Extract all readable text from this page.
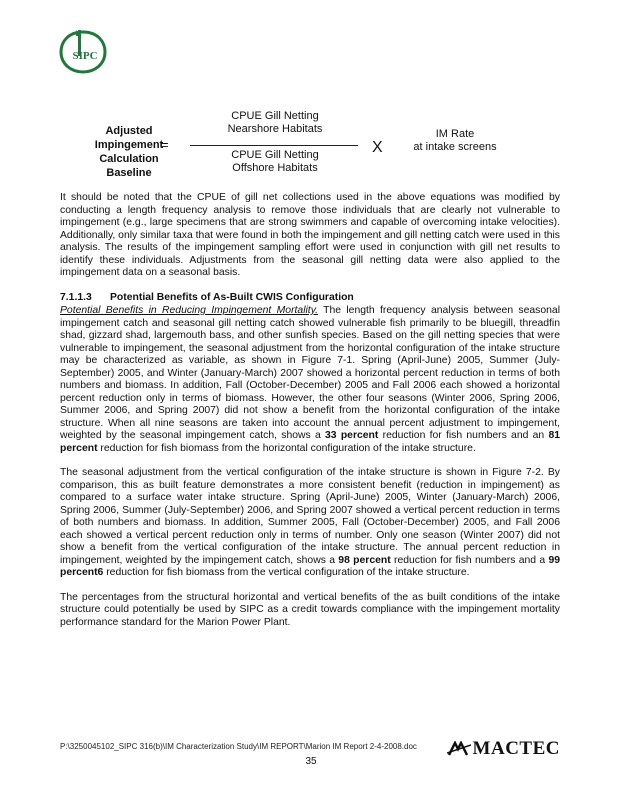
SIPC
Adjusted
Impingement
Calculation
Baseline
=
CPUE Gill Netting
Nearshore Habitats
CPUE Gill Netting
Offshore Habitats
X
IM Rate
at intake screens

It should be noted that the CPUE of gill net collections used in the above equations was modified by conducting a length frequency analysis to remove those individuals that are clearly not vulnerable to impingement (e.g., large specimens that are strong swimmers and capable of overcoming intake velocities). Additionally, only similar taxa that were found in both the impingement and gill netting catch were used in this analysis. The results of the impingement sampling effort were used in conjunction with gill net results to identify these individuals. Adjustments from the seasonal gill netting data were also applied to the impingement data on a seasonal basis.

7.1.1.3 Potential Benefits of As-Built CWIS Configuration

Potential Benefits in Reducing Impingement Mortality. The length frequency analysis between seasonal impingement catch and seasonal gill netting catch showed vulnerable fish primarily to be bluegill, threadfin shad, gizzard shad, largemouth bass, and other sunfish species. Based on the gill netting species that were vulnerable to impingement, the seasonal adjustment from the horizontal configuration of the intake structure may be characterized as variable, as shown in Figure 7-1. Spring (April-June) 2005, Summer (July-September) 2005, and Winter (January-March) 2007 showed a horizontal percent reduction in terms of both numbers and biomass. In addition, Fall (October-December) 2005 and Fall 2006 each showed a horizontal percent reduction only in terms of biomass. However, the other four seasons (Winter 2006, Spring 2006, Summer 2006, and Spring 2007) did not show a benefit from the horizontal configuration of the intake structure. When all nine seasons are taken into account the annual percent adjustment to impingement, weighted by the seasonal impingement catch, shows a 33 percent reduction for fish numbers and an 81 percent reduction for fish biomass from the horizontal configuration of the intake structure.

The seasonal adjustment from the vertical configuration of the intake structure is shown in Figure 7-2. By comparison, this as built feature demonstrates a more consistent benefit (reduction in impingement) as compared to a surface water intake structure. Spring (April-June) 2005, Winter (January-March) 2006, Spring 2006, Summer (July-September) 2006, and Spring 2007 showed a vertical percent reduction in terms of both numbers and biomass. In addition, Summer 2005, Fall (October-December) 2005, and Fall 2006 each showed a vertical percent reduction only in terms of number. Only one season (Winter 2007) did not show a benefit from the vertical configuration of the intake structure. The annual percent reduction in impingement, weighted by the impingement catch, shows a 98 percent reduction for fish numbers and a 99 percent6 reduction for fish biomass from the vertical configuration of the intake structure.

The percentages from the structural horizontal and vertical benefits of the as built conditions of the intake structure could potentially be used by SIPC as a credit towards compliance with the impingement mortality performance standard for the Marion Power Plant.

P:\3250045102_SIPC 316(b)\IM Characterization Study\IM REPORT\Marion IM Report 2-4-2008.doc
35
MACTEC
